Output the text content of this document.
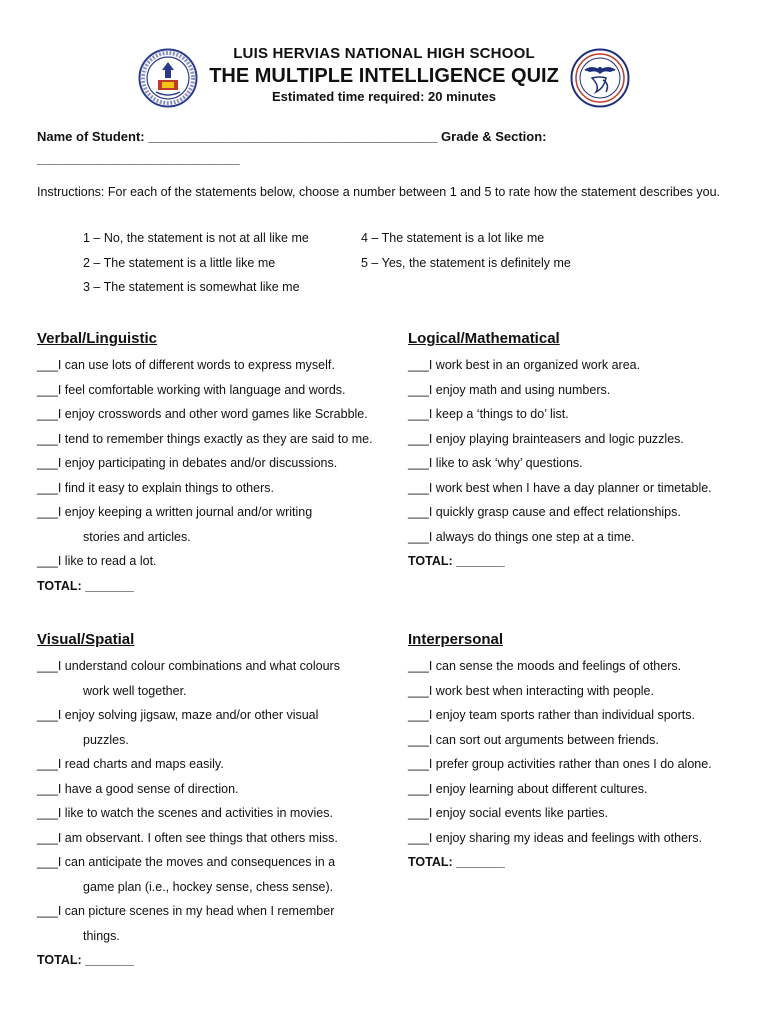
LUIS HERVIAS NATIONAL HIGH SCHOOL
THE MULTIPLE INTELLIGENCE QUIZ
Estimated time required: 20 minutes
Name of Student: ________________________________________ Grade & Section:
____________________________
Instructions: For each of the statements below, choose a number between 1 and 5 to rate how the statement describes you.
1 – No, the statement is not at all like me
2 – The statement is a little like me
3 – The statement is somewhat like me
4 – The statement is a lot like me
5 – Yes, the statement is definitely me
Verbal/Linguistic
___I can use lots of different words to express myself.
___I feel comfortable working with language and words.
___I enjoy crosswords and other word games like Scrabble.
___I tend to remember things exactly as they are said to me.
___I enjoy participating in debates and/or discussions.
___I find it easy to explain things to others.
___I enjoy keeping a written journal and/or writing
stories and articles.
___I like to read a lot.
TOTAL: _______
Logical/Mathematical
___I work best in an organized work area.
___I enjoy math and using numbers.
___I keep a ‘things to do’ list.
___I enjoy playing brainteasers and logic puzzles.
___I like to ask ‘why’ questions.
___I work best when I have a day planner or timetable.
___I quickly grasp cause and effect relationships.
___I always do things one step at a time.
TOTAL: _______
Visual/Spatial
___I understand colour combinations and what colours
work well together.
___I enjoy solving jigsaw, maze and/or other visual
puzzles.
___I read charts and maps easily.
___I have a good sense of direction.
___I like to watch the scenes and activities in movies.
___I am observant. I often see things that others miss.
___I can anticipate the moves and consequences in a
game plan (i.e., hockey sense, chess sense).
___I can picture scenes in my head when I remember
things.
TOTAL: _______
Interpersonal
___I can sense the moods and feelings of others.
___I work best when interacting with people.
___I enjoy team sports rather than individual sports.
___I can sort out arguments between friends.
___I prefer group activities rather than ones I do alone.
___I enjoy learning about different cultures.
___I enjoy social events like parties.
___I enjoy sharing my ideas and feelings with others.
TOTAL: _______
